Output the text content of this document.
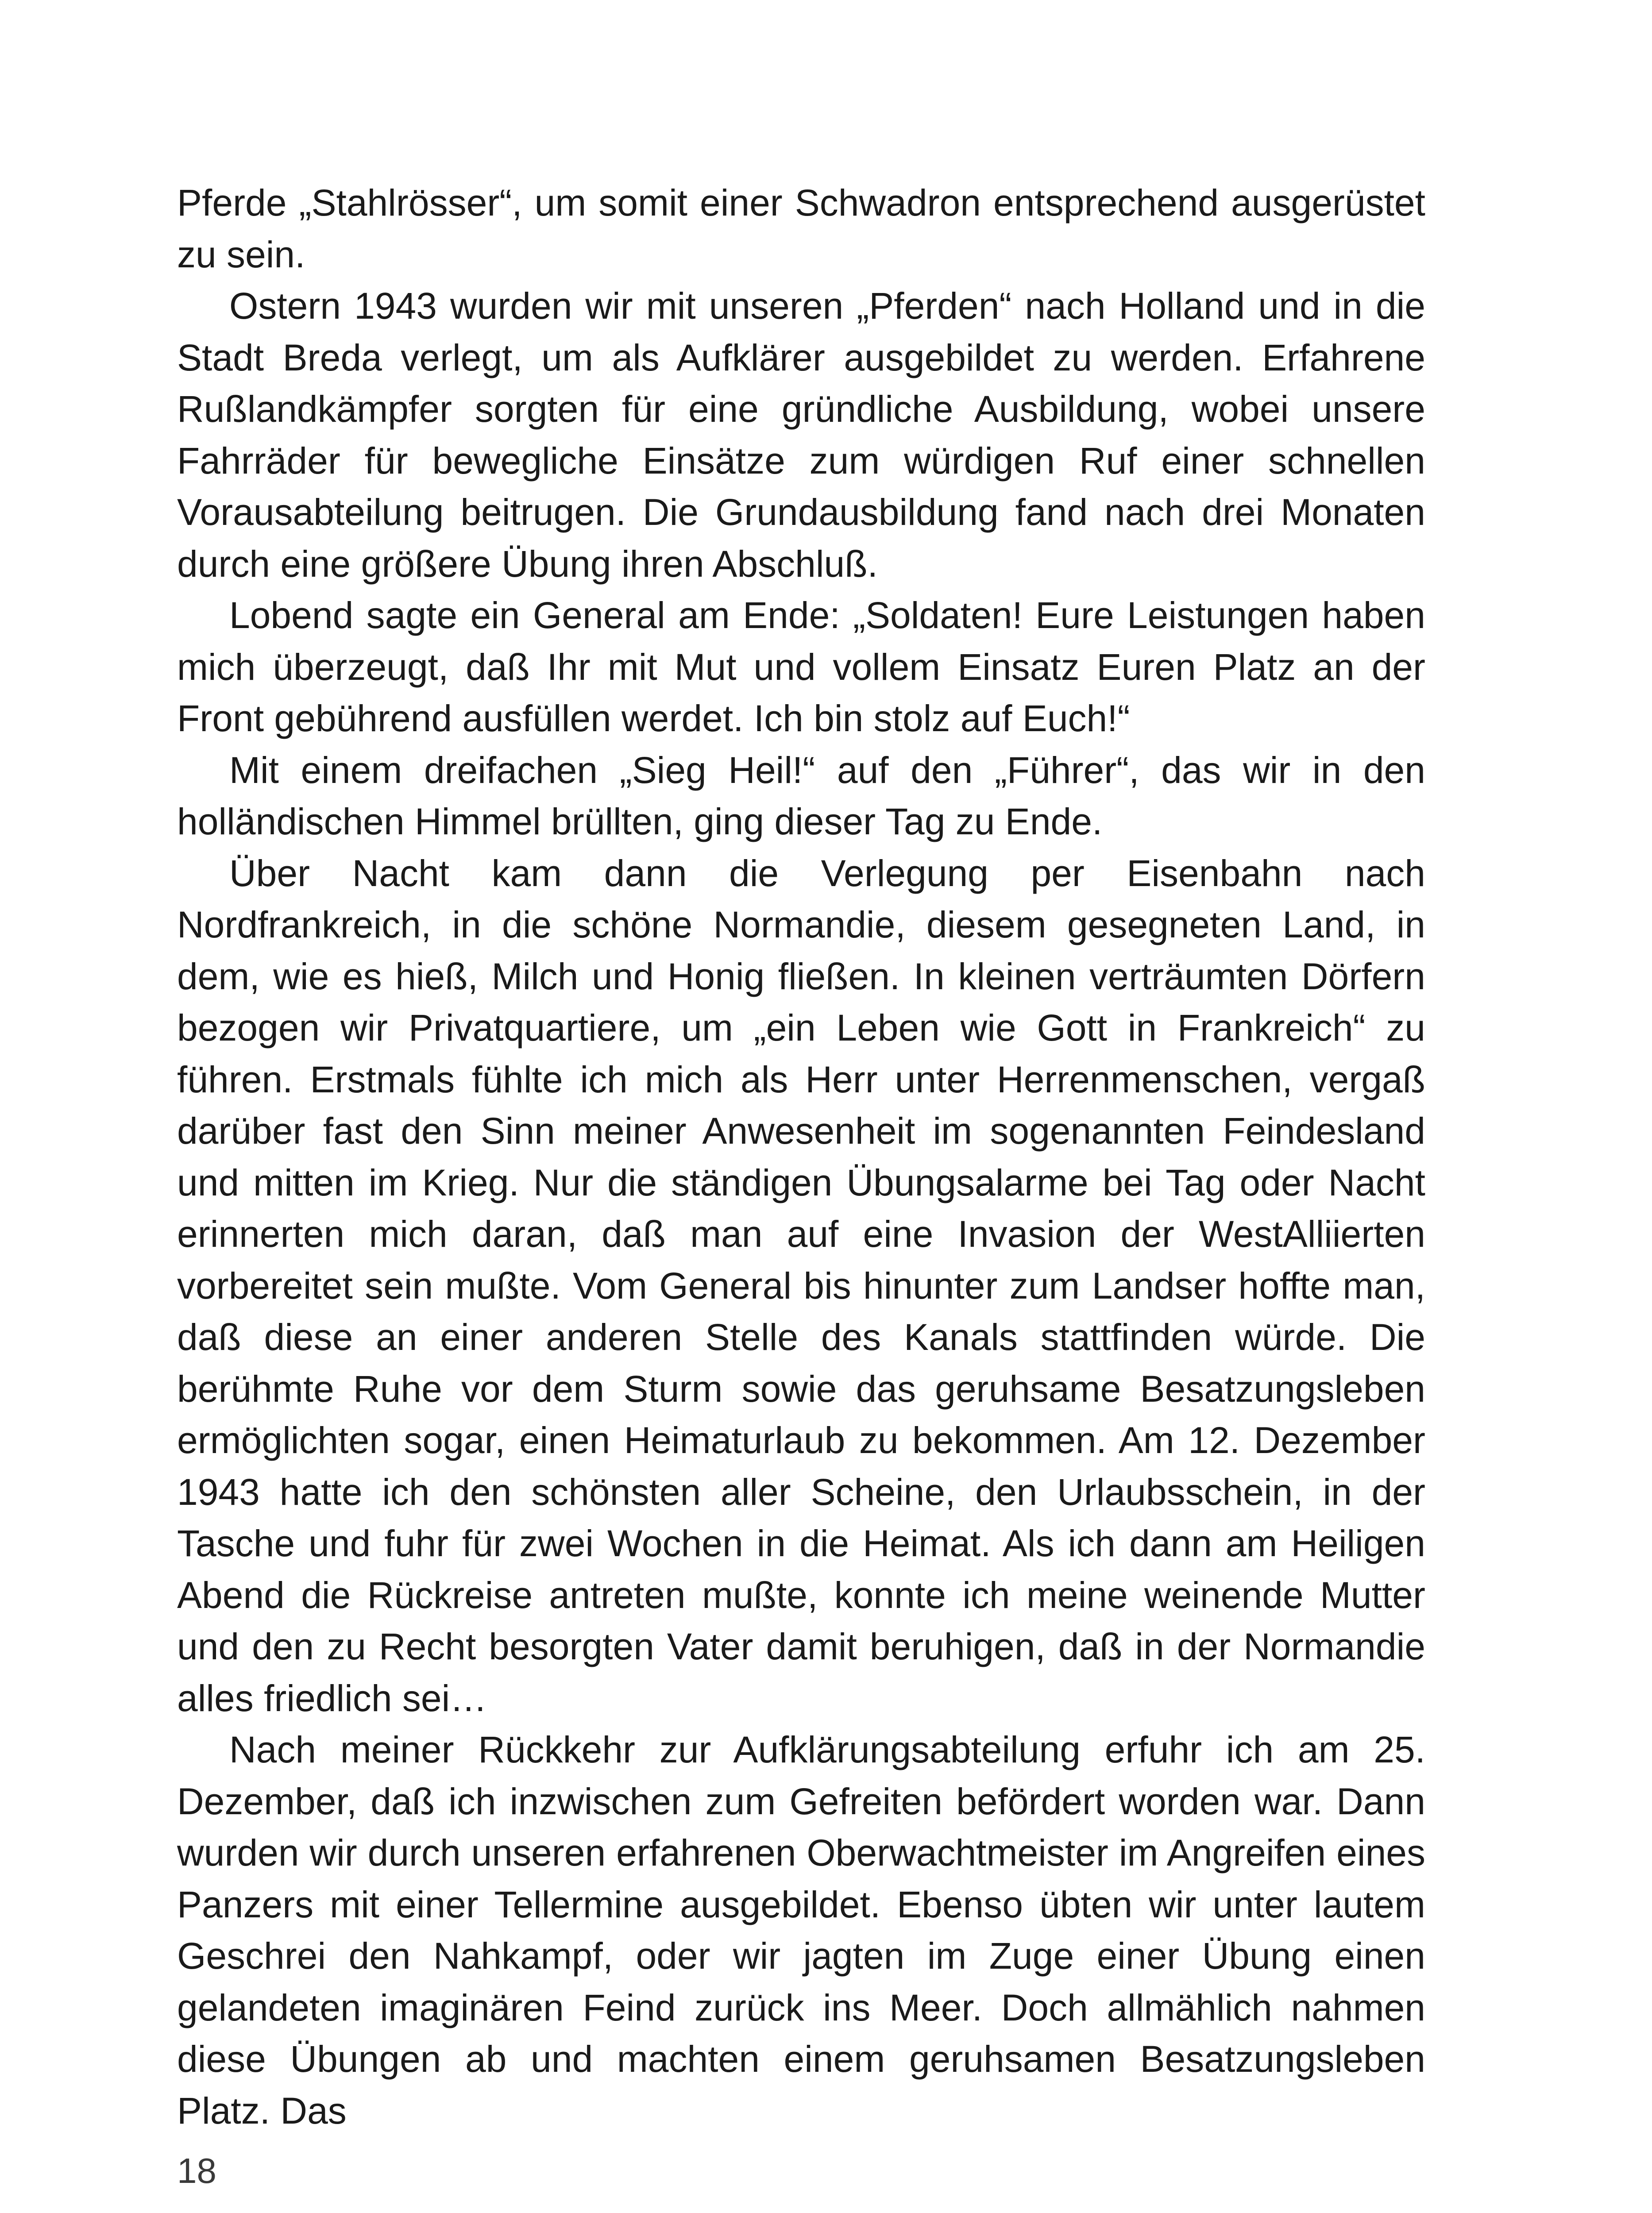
Pferde „Stahlrösser“, um somit einer Schwadron entsprechend ausgerüstet zu sein.

Ostern 1943 wurden wir mit unseren „Pferden“ nach Holland und in die Stadt Breda verlegt, um als Aufklärer ausgebildet zu werden. Erfahrene Rußlandkämpfer sorgten für eine gründliche Ausbildung, wobei unsere Fahrräder für bewegliche Einsätze zum würdigen Ruf einer schnellen Vorausabteilung beitrugen. Die Grundausbildung fand nach drei Monaten durch eine größere Übung ihren Abschluß.

Lobend sagte ein General am Ende: „Soldaten! Eure Leistungen haben mich überzeugt, daß Ihr mit Mut und vollem Einsatz Euren Platz an der Front gebührend ausfüllen werdet. Ich bin stolz auf Euch!“

Mit einem dreifachen „Sieg Heil!“ auf den „Führer“, das wir in den holländischen Himmel brüllten, ging dieser Tag zu Ende.

Über Nacht kam dann die Verlegung per Eisenbahn nach Nordfrankreich, in die schöne Normandie, diesem gesegneten Land, in dem, wie es hieß, Milch und Honig fließen. In kleinen verträumten Dörfern bezogen wir Privatquartiere, um „ein Leben wie Gott in Frankreich“ zu führen. Erstmals fühlte ich mich als Herr unter Herrenmenschen, vergaß darüber fast den Sinn meiner Anwesenheit im sogenannten Feindesland und mitten im Krieg. Nur die ständigen Übungsalarme bei Tag oder Nacht erinnerten mich daran, daß man auf eine Invasion der WestAlliierten vorbereitet sein mußte. Vom General bis hinunter zum Landser hoffte man, daß diese an einer anderen Stelle des Kanals stattfinden würde. Die berühmte Ruhe vor dem Sturm sowie das geruhsame Besatzungsleben ermöglichten sogar, einen Heimaturlaub zu bekommen. Am 12. Dezember 1943 hatte ich den schönsten aller Scheine, den Urlaubsschein, in der Tasche und fuhr für zwei Wochen in die Heimat. Als ich dann am Heiligen Abend die Rückreise antreten mußte, konnte ich meine weinende Mutter und den zu Recht besorgten Vater damit beruhigen, daß in der Normandie alles friedlich sei…

Nach meiner Rückkehr zur Aufklärungsabteilung erfuhr ich am 25. Dezember, daß ich inzwischen zum Gefreiten befördert worden war. Dann wurden wir durch unseren erfahrenen Oberwachtmeister im Angreifen eines Panzers mit einer Tellermine ausgebildet. Ebenso übten wir unter lautem Geschrei den Nahkampf, oder wir jagten im Zuge einer Übung einen gelandeten imaginären Feind zurück ins Meer. Doch allmählich nahmen diese Übungen ab und machten einem geruhsamen Besatzungsleben Platz. Das

18
